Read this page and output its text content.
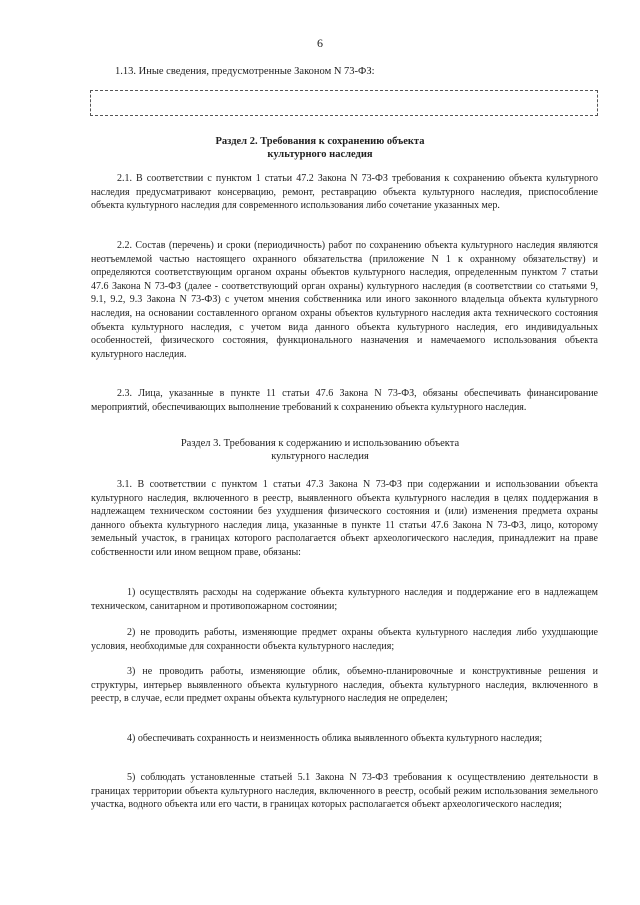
6
1.13. Иные сведения, предусмотренные Законом N 73-ФЗ:
Раздел 2. Требования к сохранению объекта
культурного наследия

2.1. В соответствии с пунктом 1 статьи 47.2 Закона N 73-ФЗ требования к сохранению объекта культурного наследия предусматривают консервацию, ремонт, реставрацию объекта культурного наследия, приспособление объекта культурного наследия для современного использования либо сочетание указанных мер.

2.2. Состав (перечень) и сроки (периодичность) работ по сохранению объекта культурного наследия являются неотъемлемой частью настоящего охранного обязательства (приложение N 1 к охранному обязательству) и определяются соответствующим органом охраны объектов культурного наследия, определенным пунктом 7 статьи 47.6 Закона N 73-ФЗ (далее - соответствующий орган охраны) культурного наследия (в соответствии со статьями 9, 9.1, 9.2, 9.3 Закона N 73-ФЗ) с учетом мнения собственника или иного законного владельца объекта культурного наследия, на основании составленного органом охраны объектов культурного наследия акта технического состояния объекта культурного наследия, с учетом вида данного объекта культурного наследия, его индивидуальных особенностей, физического состояния, функционального назначения и намечаемого использования объекта культурного наследия.

2.3. Лица, указанные в пункте 11 статьи 47.6 Закона N 73-ФЗ, обязаны обеспечивать финансирование мероприятий, обеспечивающих выполнение требований к сохранению объекта культурного наследия.

Раздел 3. Требования к содержанию и использованию объекта
культурного наследия

3.1. В соответствии с пунктом 1 статьи 47.3 Закона N 73-ФЗ при содержании и использовании объекта культурного наследия, включенного в реестр, выявленного объекта культурного наследия в целях поддержания в надлежащем техническом состоянии без ухудшения физического состояния и (или) изменения предмета охраны данного объекта культурного наследия лица, указанные в пункте 11 статьи 47.6 Закона N 73-ФЗ, лицо, которому земельный участок, в границах которого располагается объект археологического наследия, принадлежит на праве собственности или ином вещном праве, обязаны:

1) осуществлять расходы на содержание объекта культурного наследия и поддержание его в надлежащем техническом, санитарном и противопожарном состоянии;

2) не проводить работы, изменяющие предмет охраны объекта культурного наследия либо ухудшающие условия, необходимые для сохранности объекта культурного наследия;

3) не проводить работы, изменяющие облик, объемно-планировочные и конструктивные решения и структуры, интерьер выявленного объекта культурного наследия, объекта культурного наследия, включенного в реестр, в случае, если предмет охраны объекта культурного наследия не определен;

4) обеспечивать сохранность и неизменность облика выявленного объекта культурного наследия;

5) соблюдать установленные статьей 5.1 Закона N 73-ФЗ требования к осуществлению деятельности в границах территории объекта культурного наследия, включенного в реестр, особый режим использования земельного участка, водного объекта или его части, в границах которых располагается объект археологического наследия;
